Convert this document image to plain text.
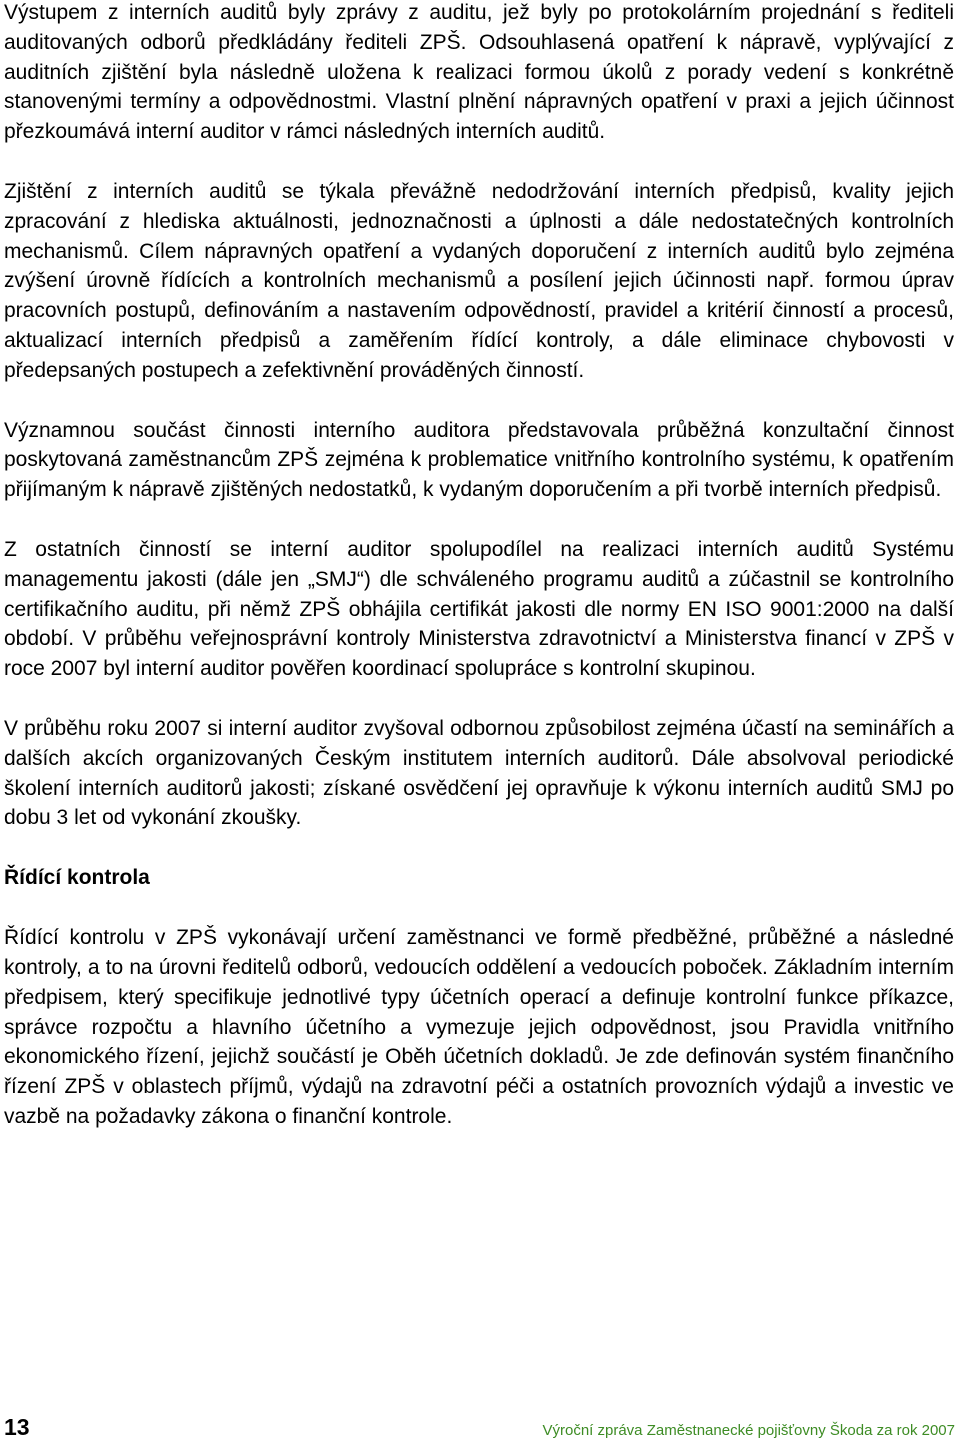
Výstupem z interních auditů byly zprávy z auditu, jež byly po protokolárním projednání s řediteli auditovaných odborů předkládány řediteli ZPŠ. Odsouhlasená opatření k nápravě, vyplývající z auditních zjištění byla následně uložena k realizaci formou úkolů z porady vedení s konkrétně stanovenými termíny a odpovědnostmi. Vlastní plnění nápravných opatření v praxi a jejich účinnost přezkoumává interní auditor v rámci následných interních auditů.

Zjištění z interních auditů se týkala převážně nedodržování interních předpisů, kvality jejich zpracování z hlediska aktuálnosti, jednoznačnosti a úplnosti a dále nedostatečných kontrolních mechanismů. Cílem nápravných opatření a vydaných doporučení z interních auditů bylo zejména zvýšení úrovně řídících a kontrolních mechanismů a posílení jejich účinnosti např. formou úprav pracovních postupů, definováním a nastavením odpovědností, pravidel a kritérií činností a procesů, aktualizací interních předpisů a zaměřením řídící kontroly, a dále eliminace chybovosti v předepsaných postupech a zefektivnění prováděných činností.

Významnou součást činnosti interního auditora představovala průběžná konzultační činnost poskytovaná zaměstnancům ZPŠ zejména k problematice vnitřního kontrolního systému, k opatřením přijímaným k nápravě zjištěných nedostatků, k vydaným doporučením a při tvorbě interních předpisů.

Z ostatních činností se interní auditor spolupodílel na realizaci interních auditů Systému managementu jakosti (dále jen „SMJ“) dle schváleného programu auditů a zúčastnil se kontrolního certifikačního auditu, při němž ZPŠ obhájila certifikát jakosti dle normy EN ISO 9001:2000 na další období. V průběhu veřejnosprávní kontroly Ministerstva zdravotnictví a Ministerstva financí v ZPŠ v roce 2007 byl interní auditor pověřen koordinací spolupráce s kontrolní skupinou.

V průběhu roku 2007 si interní auditor zvyšoval odbornou způsobilost zejména účastí na seminářích a dalších akcích organizovaných Českým institutem interních auditorů. Dále absolvoval periodické školení interních auditorů jakosti; získané osvědčení jej opravňuje k výkonu interních auditů SMJ po dobu 3 let od vykonání zkoušky.

Řídící kontrola

Řídící kontrolu v ZPŠ vykonávají určení zaměstnanci ve formě předběžné, průběžné a následné kontroly, a to na úrovni ředitelů odborů, vedoucích oddělení a vedoucích poboček. Základním interním předpisem, který specifikuje jednotlivé typy účetních operací a definuje kontrolní funkce příkazce, správce rozpočtu a hlavního účetního a vymezuje jejich odpovědnost, jsou Pravidla vnitřního ekonomického řízení, jejichž součástí je Oběh účetních dokladů. Je zde definován systém finančního řízení ZPŠ v oblastech příjmů, výdajů na zdravotní péči a ostatních provozních výdajů a investic ve vazbě na požadavky zákona o finanční kontrole.

13	Výroční zpráva Zaměstnanecké pojišťovny Škoda za rok 2007
